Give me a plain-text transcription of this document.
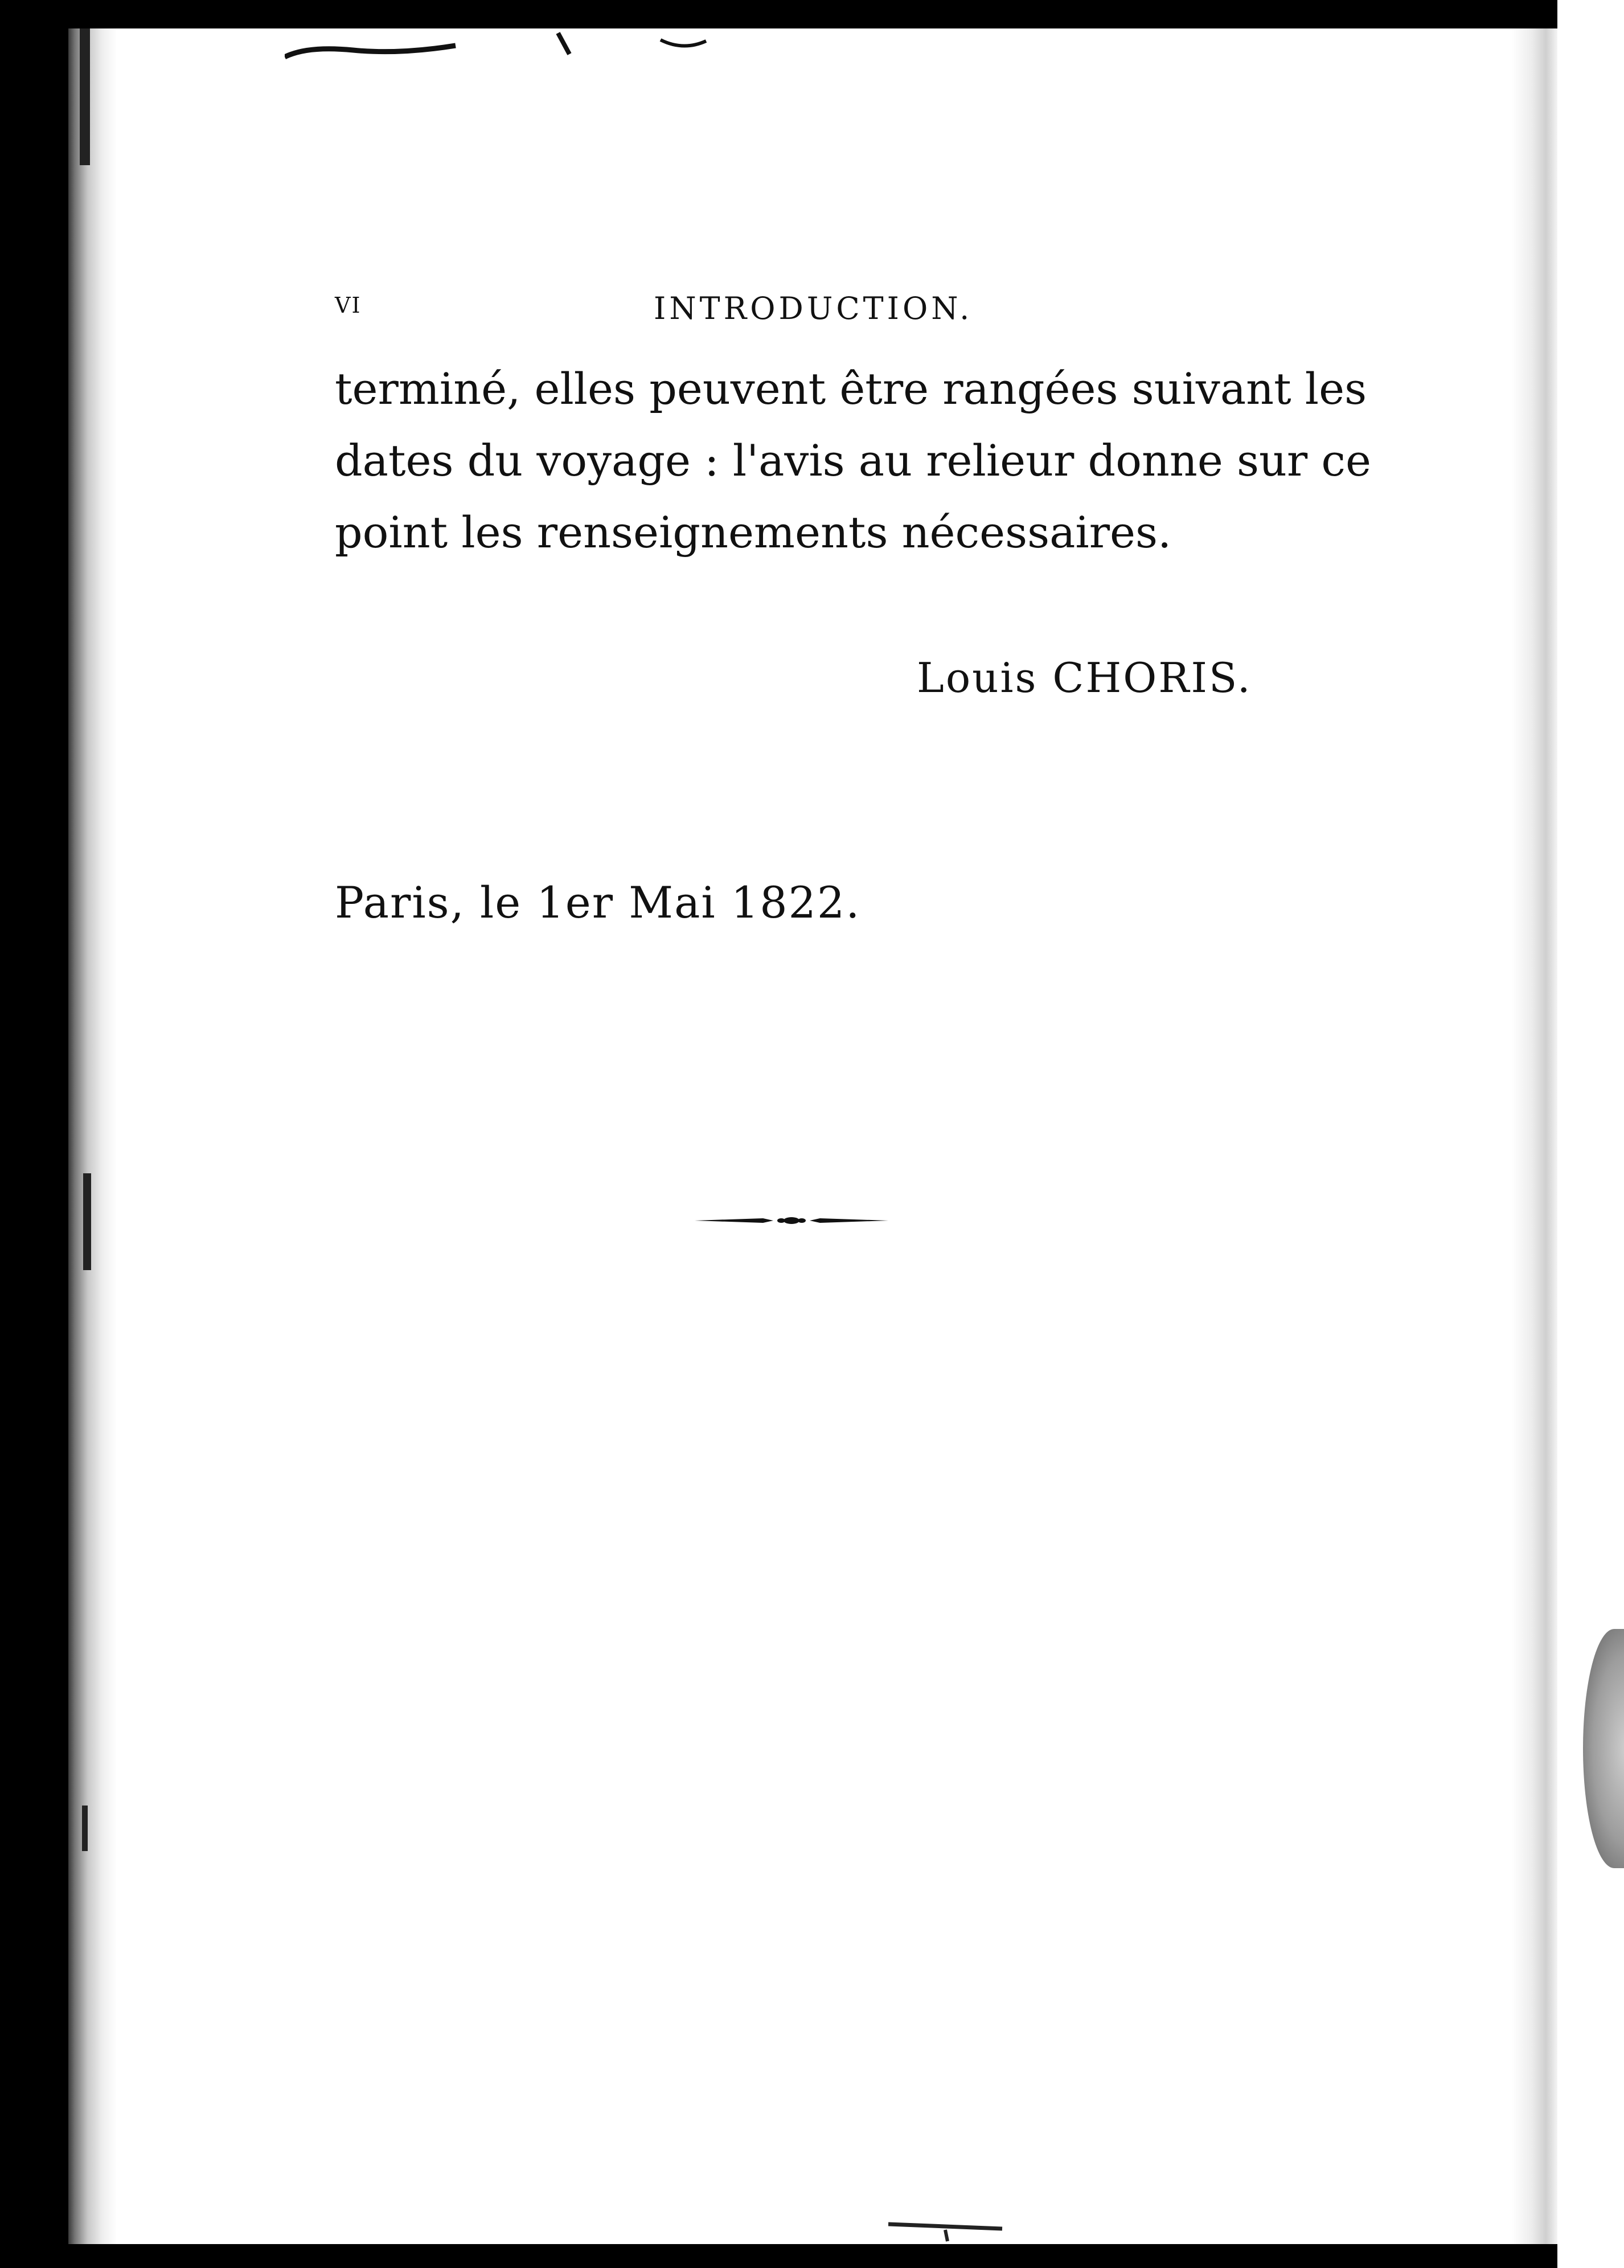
VI	INTRODUCTION.
terminé, elles peuvent être rangées suivant les
dates du voyage : l'avis au relieur donne sur ce
point les renseignements nécessaires.
Louis CHORIS.
Paris, le 1er Mai 1822.
